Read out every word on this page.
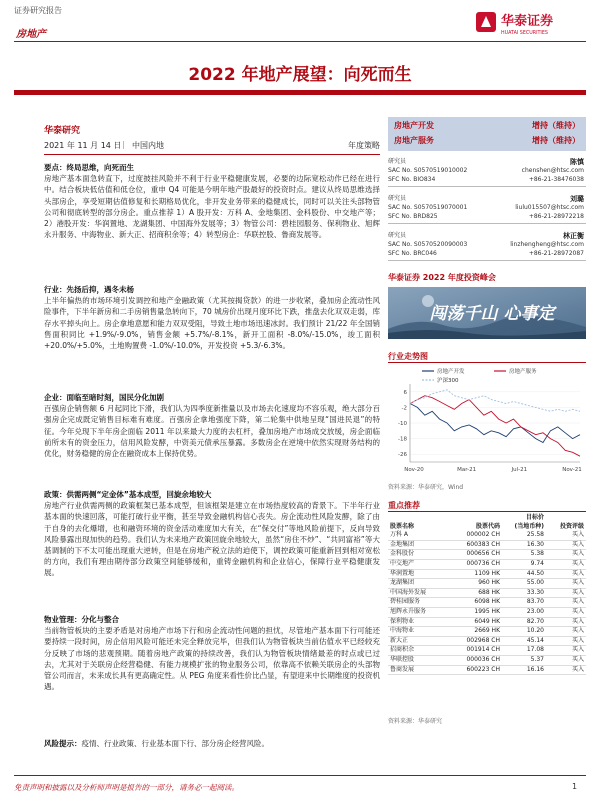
证券研究报告
房地产
华泰证券
HUATAI SECURITIES
2022 年地产展望：向死而生
华泰研究
2021 年 11 月 14 日 | 中国内地	年度策略
要点：终局思维，向死而生
房地产基本面急转直下，过度披挂风险并不利于行业平稳健康发展，必要的边际宽松动作已经在进行中。结合板块低估值和低仓位，重申 Q4 可能是今明年地产股最好的投资时点。建议从终局思维选择头部房企，享受短期估值修复和长期格局优化，非开发业务带来的稳健成长，同时可以关注头部物管公司和彻底转型的部分房企。重点推荐 1）A 股开发：万科 A、金地集团、金科股份、中交地产等；2）港股开发：华润置地、龙湖集团、中国海外发展等；3）物管公司：碧桂园服务、保利物业、旭辉永升服务、中海物业、新大正、招商积余等；4）转型房企：华联控股、鲁商发展等。
行业：先扬后抑，遇冬未杨
上半年偏热的市场环境引发调控和地产金融政策（尤其按揭贷款）的进一步收紧，叠加房企流动性风险事件，下半年新房和二手房销售量急转向下，70 城房价出现月度环比下跌，推盘去化双双走弱，库存水平掉头向上。房企拿地意愿和能力双双受阻，导致土地市场迅速冰封。我们预计 21/22 年全国销售面积同比 +1.9%/-9.0%，销售金额 +5.7%/-8.1%，新开工面积 -8.0%/-15.0%，竣工面积 +20.0%/+5.0%，土地购置费 -1.0%/-10.0%，开发投资 +5.3/-6.3%。
企业：面临至暗时刻，国民分化加剧
百强房企销售额 6 月起同比下滑，我们认为四季度新推量以及市场去化速度均不容乐观，绝大部分百强房企完成既定销售目标难有难度。百强房企拿地强度下降，第二轮集中供地呈现“国进民退”的特征。今年兑现下半年房企面临 2011 年以来最大力度的去杠杆，叠加房地产市场成交放缓，房企面临前所未有的资金压力，信用风险发酵，中资美元债承压暴露。多数房企在逆境中依然实现财务结构的优化，财务稳健的房企在融资成本上保持优势。
政策：供需两侧“定金体”基本成型，回旋余地较大
房地产行业供需两侧的政策框架已基本成型，但该框架是建立在市场热度较高的背景下。下半年行业基本面的快速回落，可能打破行业平衡，甚至导致金融机构信心丧失。房企流动性风险发酵，除了由于自身的去化爆增，也和融资环境的资金活动难度加大有关，在“保交付”等地风险前提下，反向导致风险暴露出现加快的趋势。我们认为未来地产政策回旋余地较大，虽然“房住不炒”、“共同富裕”等大基调制的下不太可能出现重大逆转，但是在房地产税立法的迫使下，调控政策可能重新回到相对宽松的方向，我们有理由期待部分政策空间能够缓和，重铸金融机构和企业信心，保障行业平稳健康发展。
物业管理：分化与整合
当前物管板块的主要矛盾是对房地产市场下行和房企流动性问题的担忧，尽管地产基本面下行可能还要持续一段时间，房企信用风险可能还未完全释放完毕，但我们认为物管板块当前估值水平已经较充分反映了市场的悲观预期。随着房地产政策的持续改善，我们认为物管板块情绪最差的时点或已过去，尤其对于关联房企经营稳健、有能力规模扩张的物业服务公司，依靠高不依赖关联房企的头部物管公司而言，未来成长具有更高确定性。从 PEG 角度来看性价比凸显，有望迎来中长期维度的投资机遇。
风险提示：疫情、行业政策、行业基本面下行、部分房企经营风险。
房地产开发	增持（维持）
房地产服务	增持（维持）
研究员	陈慎
SAC No. S0570519010002
SFC No. BIO834
chenshen@htsc.com
+86-21-38476038
研究员	刘璐
SAC No. S0570519070001
SFC No. BRD825
liulu015507@htsc.com
+86-21-28972218
研究员	林正衡
SAC No. S0570520090003
SFC No. BRC046
linzhengheng@htsc.com
+86-21-28972087
华泰证券 2022 年度投资峰会
闯荡千山 心事定
行业走势图
房地产开发	房地产服务
沪深300
6
-2
-10
-18
-26
Nov-20	Mar-21	Jul-21	Nov-21
资料来源：华泰研究，Wind
重点推荐
目标价			
股票名称	股票代码	(当地币种)	投资评级
万科 A	000002 CH	25.58	买入
金地集团	600383 CH	16.30	买入
金科股份	000656 CH	5.38	买入
中交地产	000736 CH	9.74	买入
华润置地	1109 HK	44.50	买入
龙湖集团	960 HK	55.00	买入
中国海外发展	688 HK	33.30	买入
碧桂园服务	6098 HK	83.70	买入
旭辉永升服务	1995 HK	23.00	买入
保利物业	6049 HK	82.70	买入
中海物业	2669 HK	10.20	买入
新大正	002968 CH	45.14	买入
招商积余	001914 CH	17.08	买入
华联控股	000036 CH	5.37	买入
鲁商发展	600223 CH	16.16	买入
资料来源：华泰研究
免责声明和披露以及分析师声明是报告的一部分，请务必一起阅读。	1
